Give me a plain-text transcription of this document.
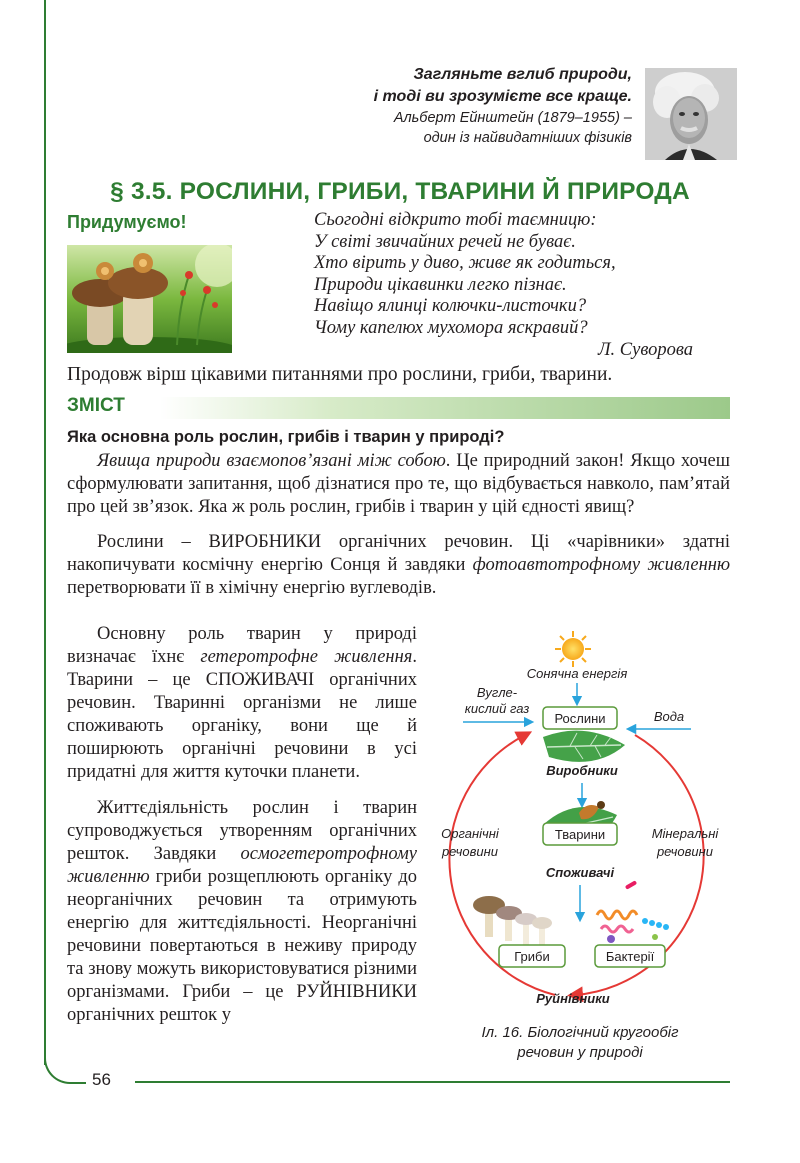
56
Загляньте вглиб природи,
і тоді ви зрозумієте все краще.
Альберт Ейнштейн (1879–1955) –
один із найвидатніших фізиків
§ 3.5. РОСЛИНИ, ГРИБИ, ТВАРИНИ Й ПРИРОДА
Придумуємо!	Сьогодні відкрито тобі таємницю:
У світі звичайних речей не буває.
Хто вірить у диво, живе як годиться,
Природи цікавинки легко пізнає.
Навіщо ялинці колючки-листочки?
Чому капелюх мухомора яскравий?
Л. Суворова
Продовж вірш цікавими питаннями про рослини, гриби, тварини.
ЗМІСТ
Яка основна роль рослин, грибів і тварин у природі?
Явища природи взаємопов’язані між собою. Це природний закон! Якщо хочеш сформулювати запитання, щоб дізнатися про те, що відбувається навколо, пам’ятай про цей зв’язок. Яка ж роль рослин, грибів і тварин у цій єдності явищ?
Рослини – ВИРОБНИКИ органічних речовин. Ці «чарівники» здатні накопичувати космічну енергію Сонця й завдяки фотоавтотрофному живленню перетворювати її в хімічну енергію вуглеводів.
Основну роль тварин у природі визначає їхнє гетеротрофне живлення. Тварини – це СПОЖИВАЧІ органічних речовин. Тваринні організми не лише споживають органіку, вони ще й поширюють органічні речовини в усі придатні для життя куточки планети.
Життєдіяльність рослин і тварин супроводжується утворенням органічних решток. Завдяки осмогетеротрофному живленню гриби розщеплюють органіку до неорганічних речовин та отримують енергію для життєдіяльності. Неорганічні речовини повертаються в неживу природу та знову можуть використовуватися різними організмами. Гриби – це РУЙНІВНИКИ органічних решток у
Сонячна енергія
Вугле-
кислий газ
Вода
Рослини
Виробники
Тварини
Органічні
речовини
Мінеральні
речовини
Споживачі
Гриби	Бактерії
Руйнівники
Іл. 16. Біологічний кругообіг
речовин у природі
